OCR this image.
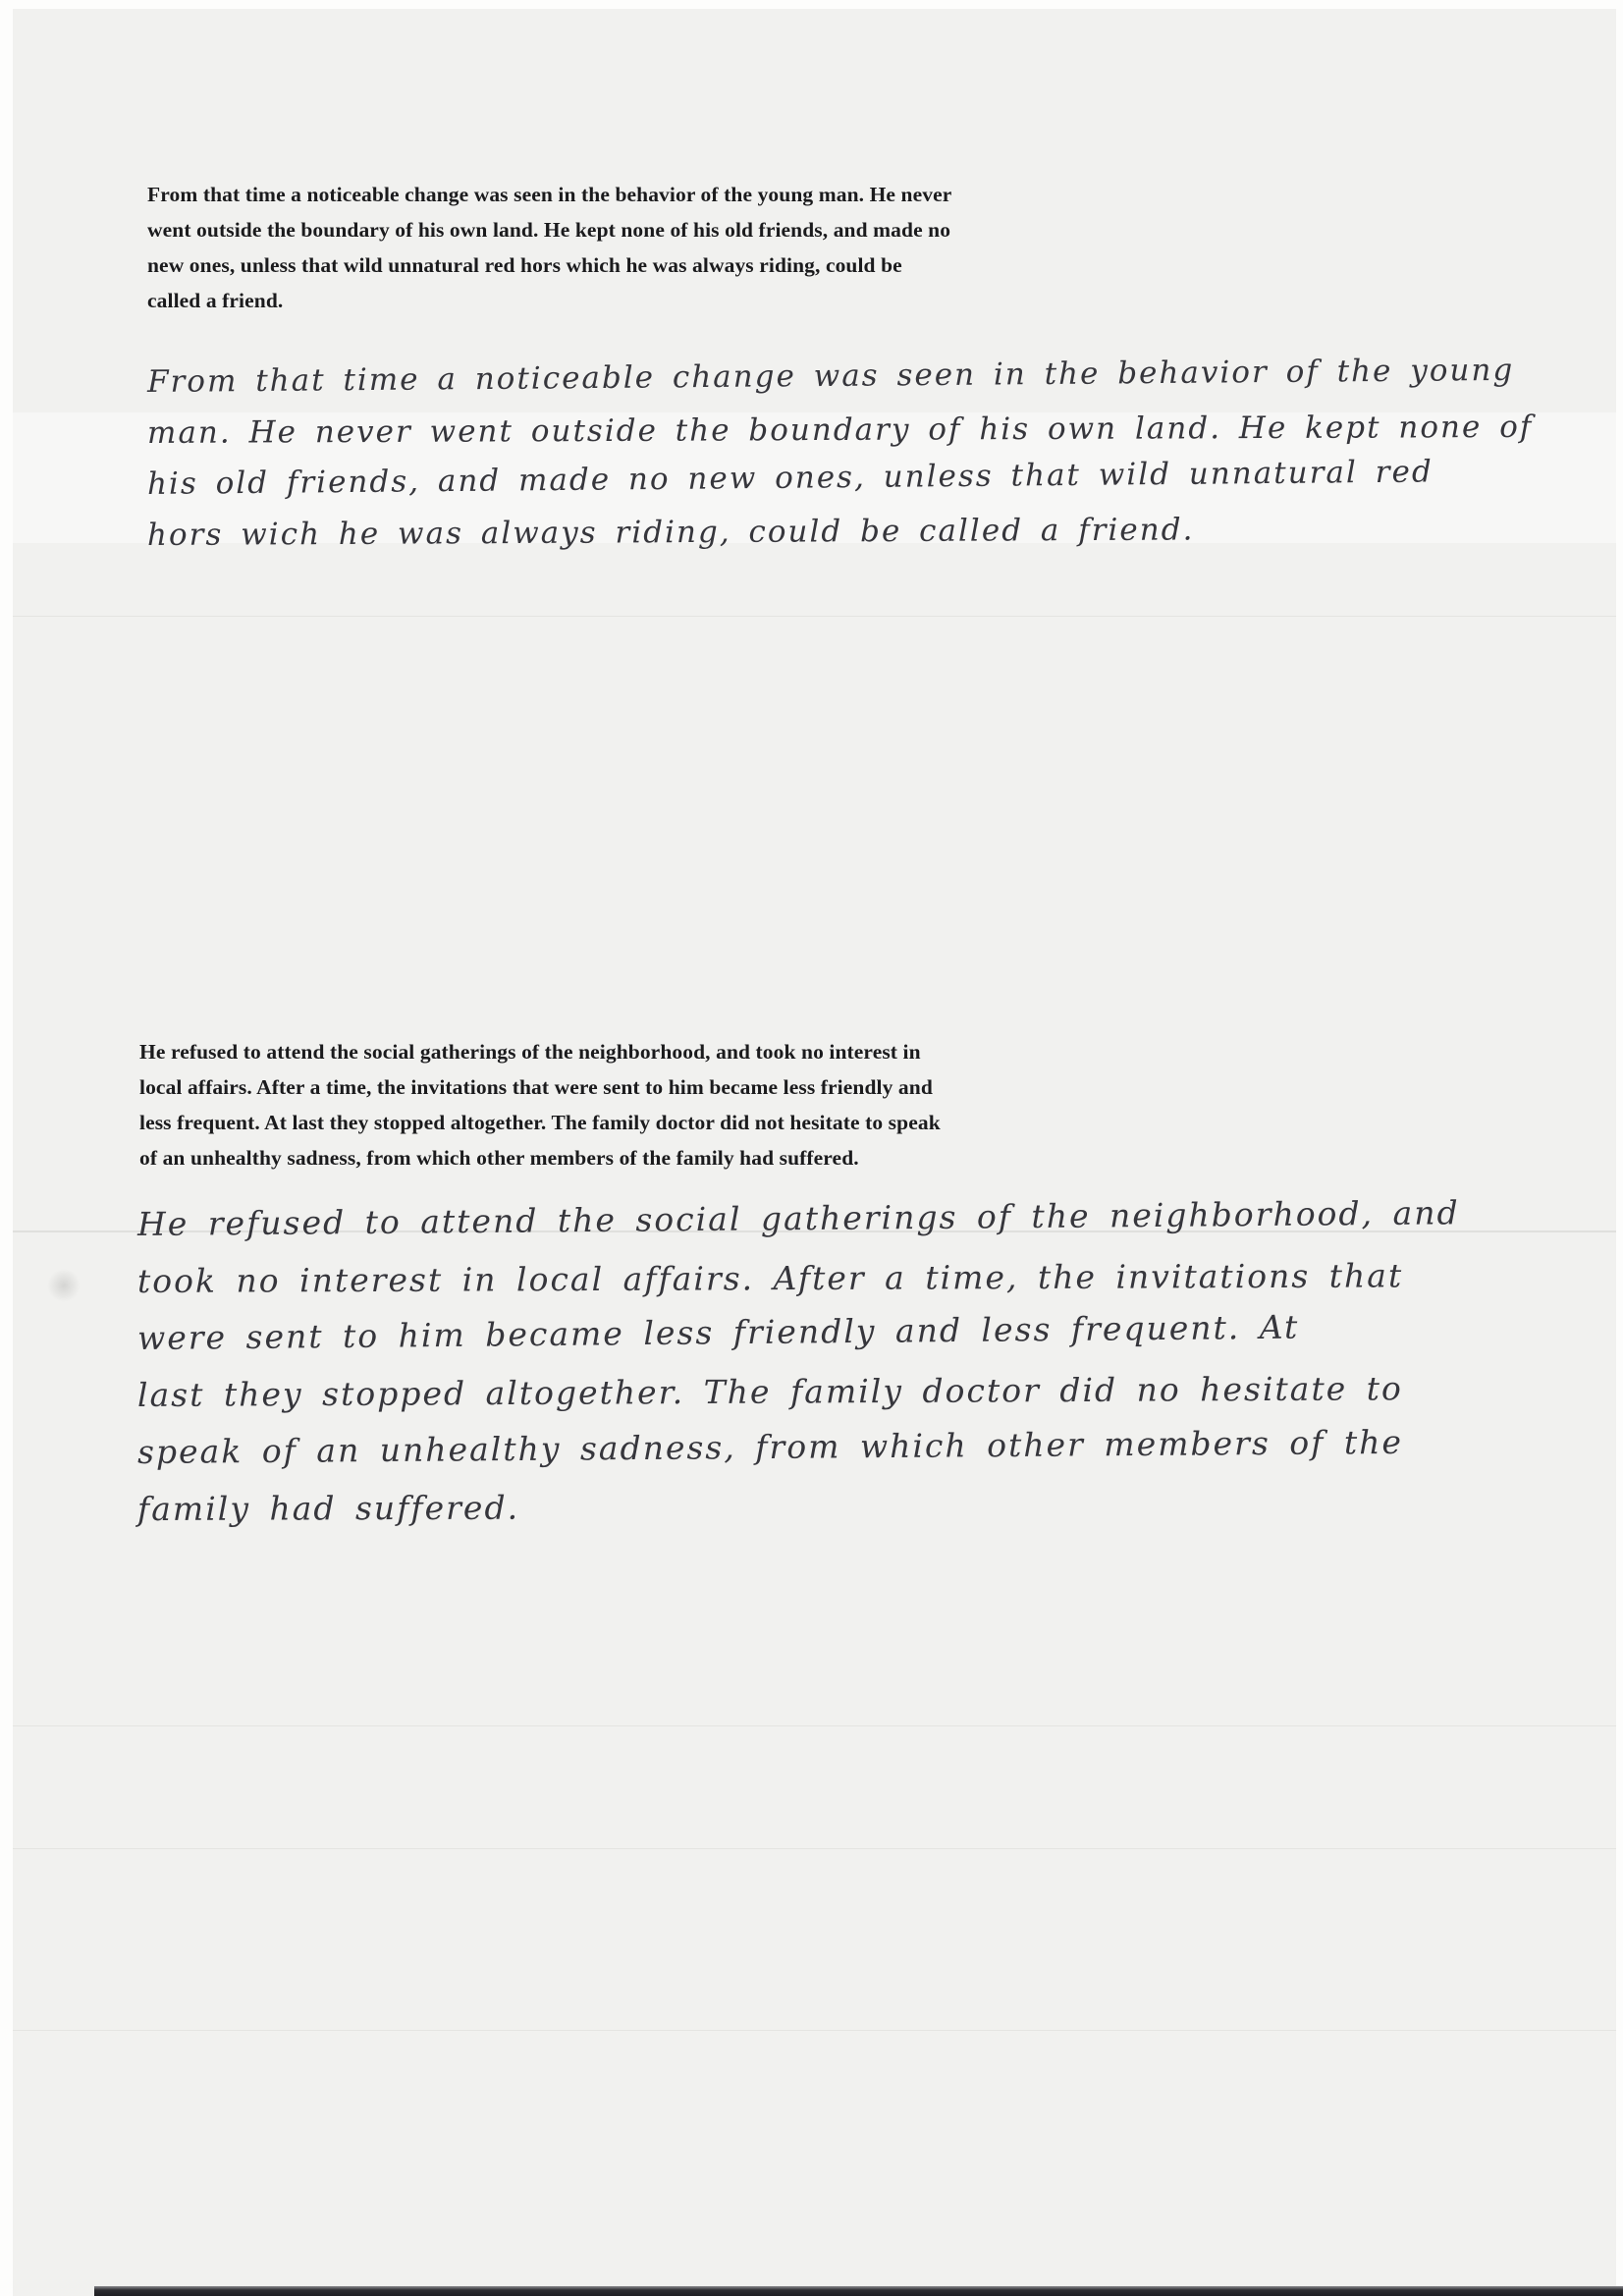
From that time a noticeable change was seen in the behavior of the young man. He never
went outside the boundary of his own land. He kept none of his old friends, and made no
new ones, unless that wild unnatural red hors which he was always riding, could be
called a friend.
From that time a noticeable change was seen in the behavior of the young
man. He never went outside the boundary of his own land. He kept none of
his old friends, and made no new ones, unless that wild unnatural red
hors wich he was always riding, could be called a friend.
He refused to attend the social gatherings of the neighborhood, and took no interest in
local affairs. After a time, the invitations that were sent to him became less friendly and
less frequent. At last they stopped altogether. The family doctor did not hesitate to speak
of an unhealthy sadness, from which other members of the family had suffered.
He refused to attend the social gatherings of the neighborhood, and
took no interest in local affairs. After a time, the invitations that
were sent to him became less friendly and less frequent. At
last they stopped altogether. The family doctor did no hesitate to
speak of an unhealthy sadness, from which other members of the
family had suffered.
